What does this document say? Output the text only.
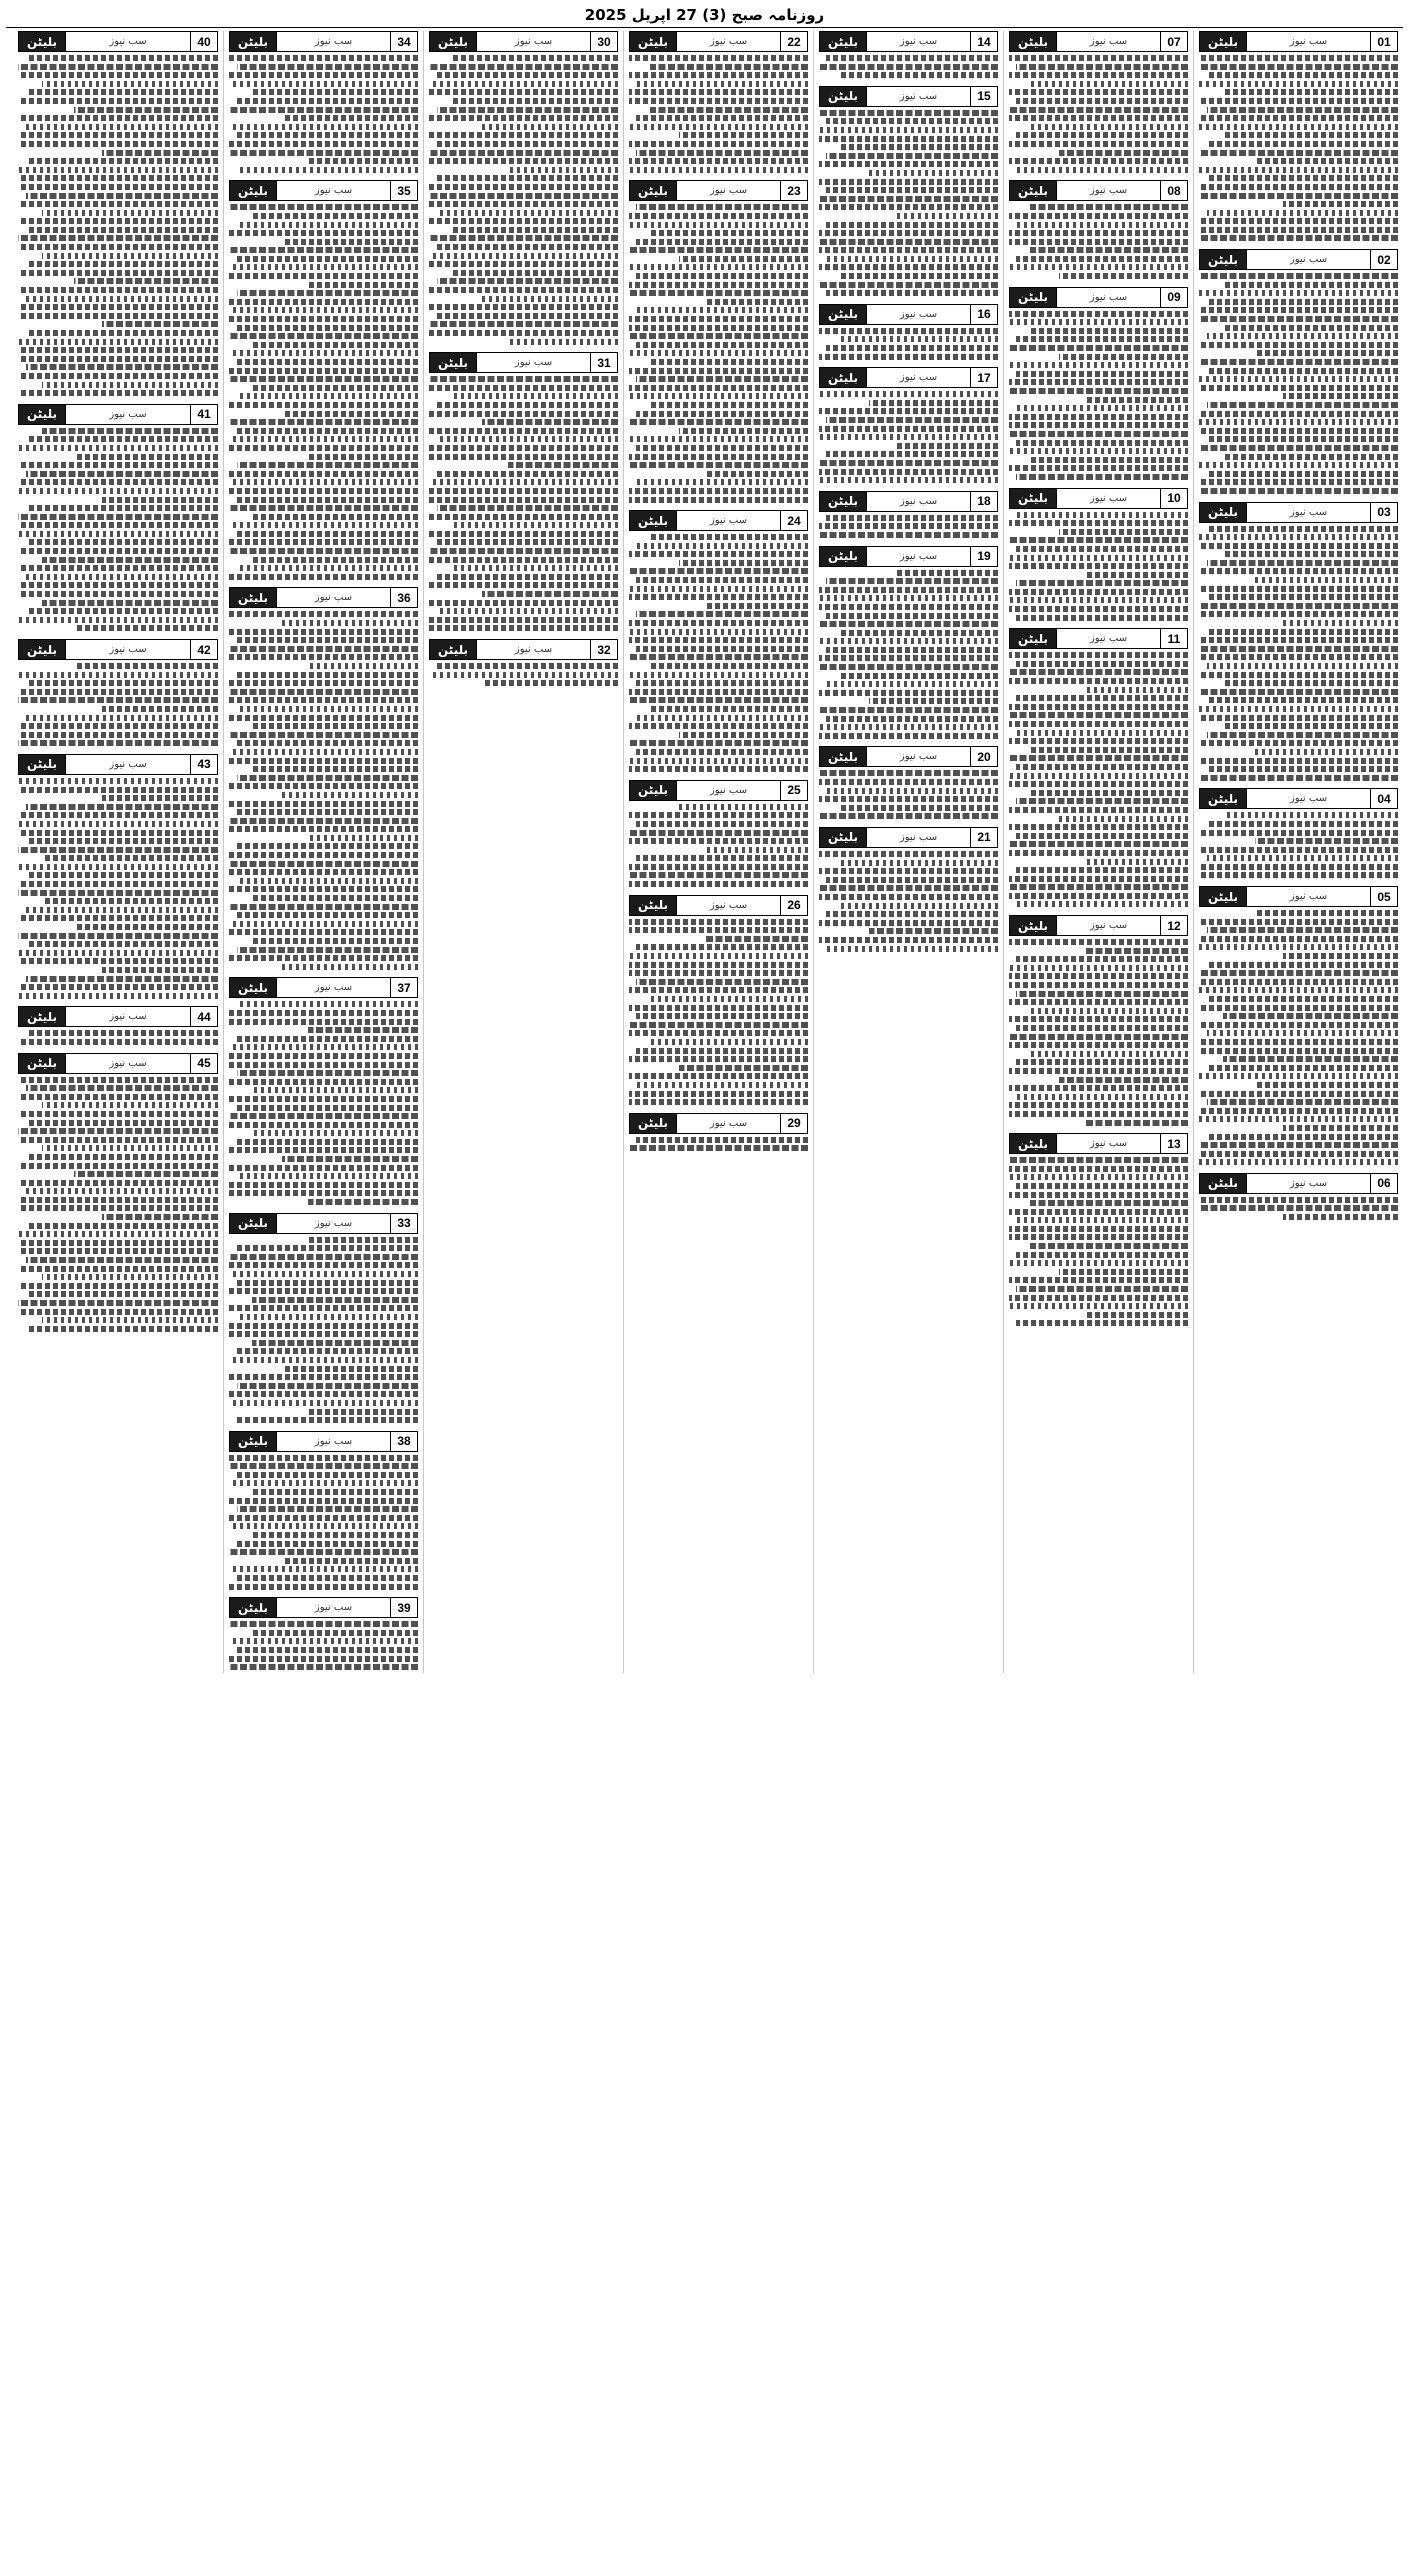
روزنامہ صبح (3) 27 اپریل 2025
01
سب نیوز
بلیٹن
02
سب نیوز
بلیٹن
03
سب نیوز
بلیٹن
04
سب نیوز
بلیٹن
05
سب نیوز
بلیٹن
06
سب نیوز
بلیٹن
07
سب نیوز
بلیٹن
08
سب نیوز
بلیٹن
09
سب نیوز
بلیٹن
10
سب نیوز
بلیٹن
11
سب نیوز
بلیٹن
12
سب نیوز
بلیٹن
13
سب نیوز
بلیٹن
14
سب نیوز
بلیٹن
15
سب نیوز
بلیٹن
16
سب نیوز
بلیٹن
17
سب نیوز
بلیٹن
18
سب نیوز
بلیٹن
19
سب نیوز
بلیٹن
20
سب نیوز
بلیٹن
21
سب نیوز
بلیٹن
22
سب نیوز
بلیٹن
23
سب نیوز
بلیٹن
24
سب نیوز
بلیٹن
25
سب نیوز
بلیٹن
26
سب نیوز
بلیٹن
29
سب نیوز
بلیٹن
30
سب نیوز
بلیٹن
31
سب نیوز
بلیٹن
32
سب نیوز
بلیٹن
34
سب نیوز
بلیٹن
35
سب نیوز
بلیٹن
36
سب نیوز
بلیٹن
37
سب نیوز
بلیٹن
33
سب نیوز
بلیٹن
38
سب نیوز
بلیٹن
39
سب نیوز
بلیٹن
40
سب نیوز
بلیٹن
41
سب نیوز
بلیٹن
42
سب نیوز
بلیٹن
43
سب نیوز
بلیٹن
44
سب نیوز
بلیٹن
45
سب نیوز
بلیٹن
